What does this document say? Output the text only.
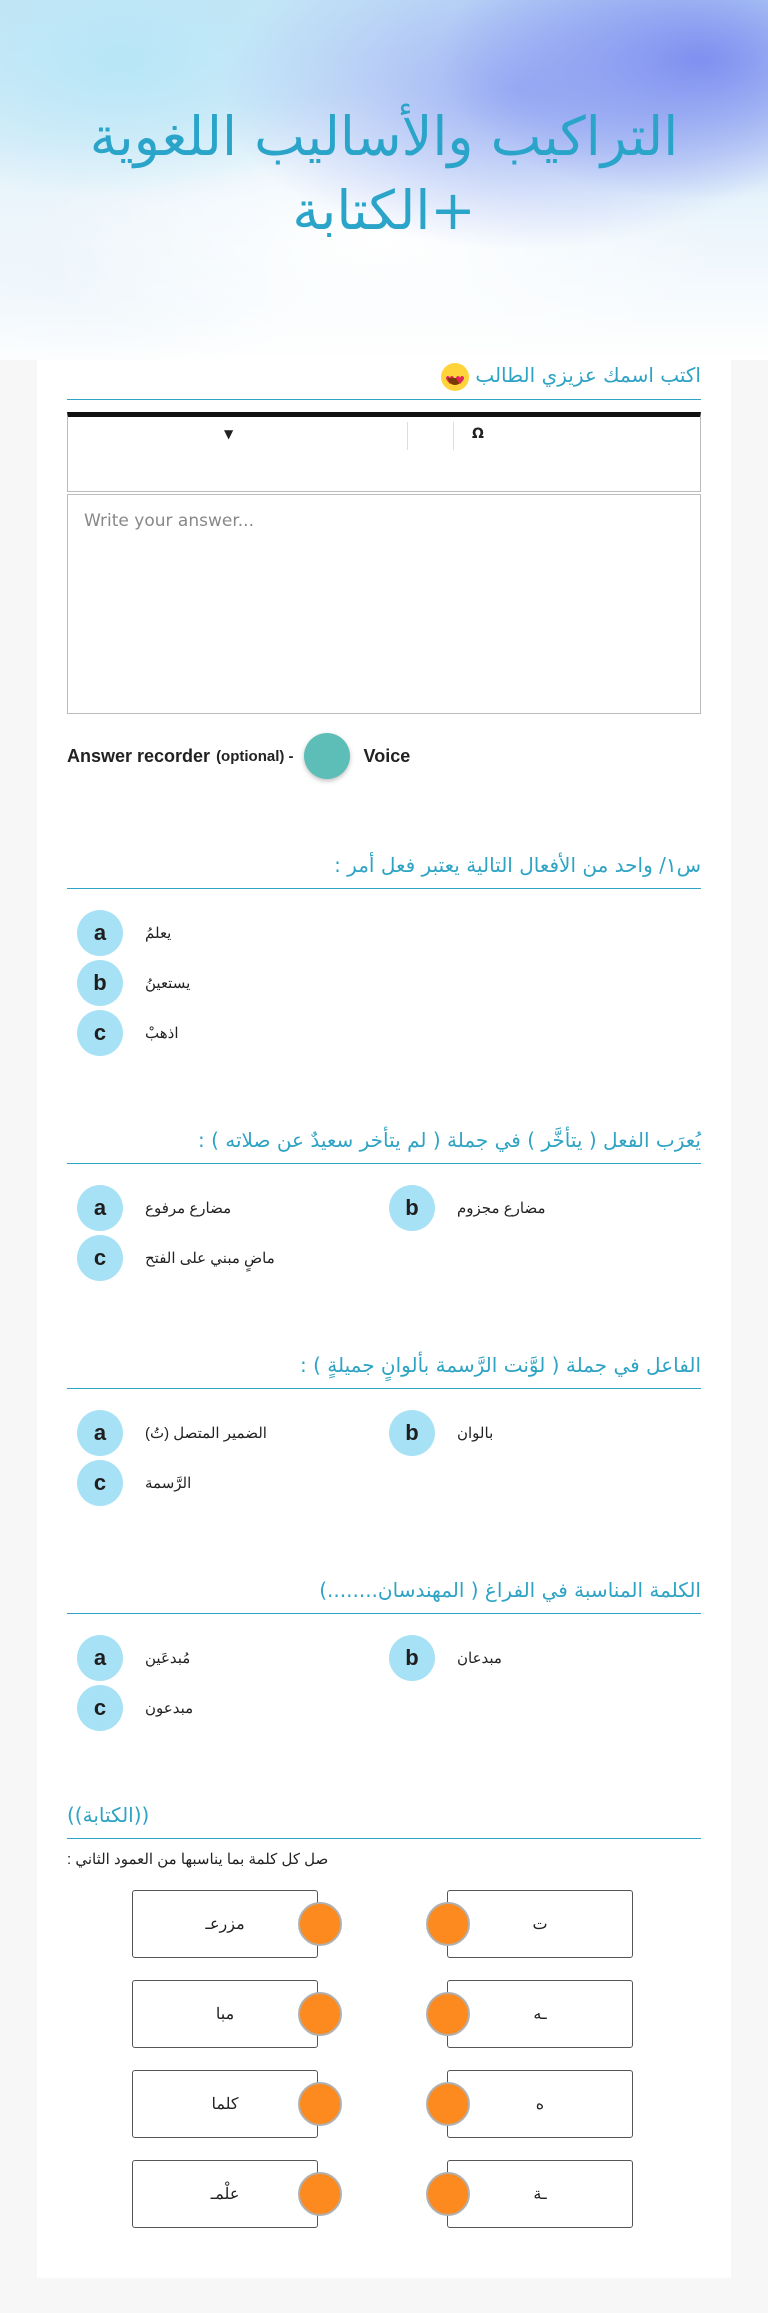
التراكيب والأساليب اللغوية +الكتابة
اكتب اسمك عزيزي الطالب ♥
♥
▼	Ω
Write your answer...
Answer recorder (optional) -	Voice
س١/ واحد من الأفعال التالية يعتبر فعل أمر :
a	يعلمُ
b	يستعينُ
c	اذهبْ
يُعرَب الفعل ( يتأخَّر ) في جملة ( لم يتأخر سعيدٌ عن صلاته ) :
a	مضارع مرفوع	b	مضارع مجزوم
c	ماضٍ مبني على الفتح
الفاعل في جملة ( لوَّنت الرَّسمة بألوانٍ جميلةٍ ) :
a	الضمير المتصل (تُ)	b	بالوان
c	الرَّسمة
الكلمة المناسبة في الفراغ ( المهندسان........)
a	مُبدعَين	b	مبدعان
c	مبدعون
((الكتابة))
صل كل كلمة بما يناسبها من العمود الثاني :
مزرعـ	ت
مبا	ـه
كلما	ه
علْمـ	ـة
